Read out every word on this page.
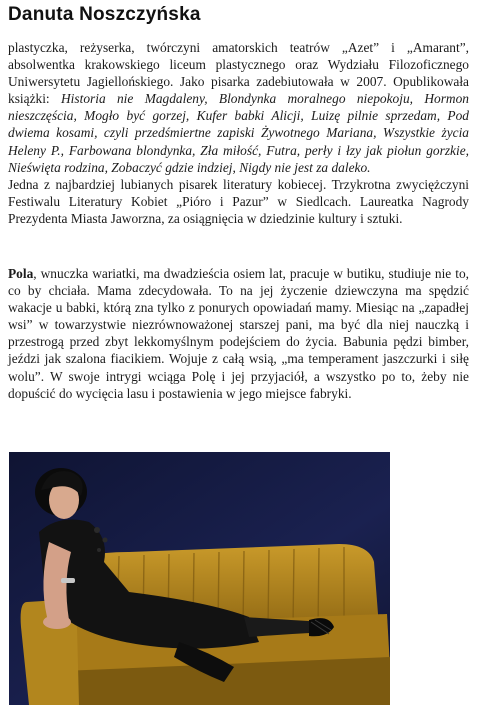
Danuta Noszczyńska

plastyczka, reżyserka, twórczyni amatorskich teatrów „Azet” i „Amarant”, absolwentka krakowskiego liceum plastycznego oraz Wydziału Filozoficznego Uniwersytetu Jagiellońskiego. Jako pisarka zadebiutowała w 2007. Opublikowała książki: Historia nie Magdaleny, Blondynka moralnego niepokoju, Hormon nieszczęścia, Mogło być gorzej, Kufer babki Alicji, Luizę pilnie sprzedam, Pod dwiema kosami, czyli przedśmiertne zapiski Żywotnego Mariana, Wszystkie życia Heleny P., Farbowana blondynka, Zła miłość, Futra, perły i łzy jak piołun gorzkie, Nieświęta rodzina, Zobaczyć gdzie indziej, Nigdy nie jest za daleko.

Jedna z najbardziej lubianych pisarek literatury kobiecej. Trzykrotna zwyciężczyni Festiwalu Literatury Kobiet „Pióro i Pazur” w Siedlcach. Laureatka Nagrody Prezydenta Miasta Jaworzna, za osiągnięcia w dziedzinie kultury i sztuki.

Pola, wnuczka wariatki, ma dwadzieścia osiem lat, pracuje w butiku, studiuje nie to, co by chciała. Mama zdecydowała. To na jej życzenie dziewczyna ma spędzić wakacje u babki, którą zna tylko z ponurych opowiadań mamy. Miesiąc na „zapadłej wsi” w towarzystwie niezrównoważonej starszej pani, ma być dla niej nauczką i przestrogą przed zbyt lekkomyślnym podejściem do życia. Babunia pędzi bimber, jeździ jak szalona fiacikiem. Wojuje z całą wsią, „ma temperament jaszczurki i siłę wolu”. W swoje intrygi wciąga Polę i jej przyjaciół, a wszystko po to, żeby nie dopuścić do wycięcia lasu i postawienia w jego miejsce fabryki.
